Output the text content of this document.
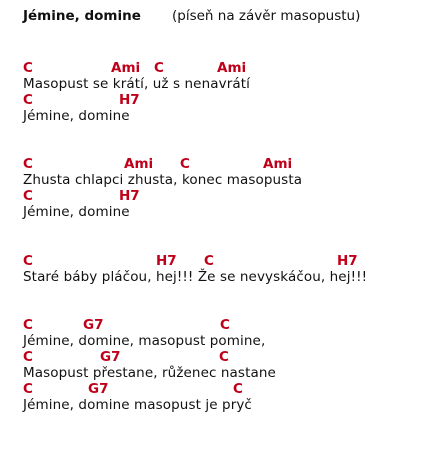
Jémine, domine (píseň na závěr masopustu)
C	Ami C	Ami
Masopust se krátí, už s nenavrátí
C	H7
Jémine, domine
C	Ami C	Ami
Zhusta chlapci zhusta, konec masopusta
C	H7
Jémine, domine
C	H7 C	H7
Staré báby pláčou, hej!!! Že se nevyskáčou, hej!!!
C	G7	C
Jémine, domine, masopust pomine,
C	G7	C
Masopust přestane, růženec nastane
C	G7	C
Jémine, domine masopust je pryč
